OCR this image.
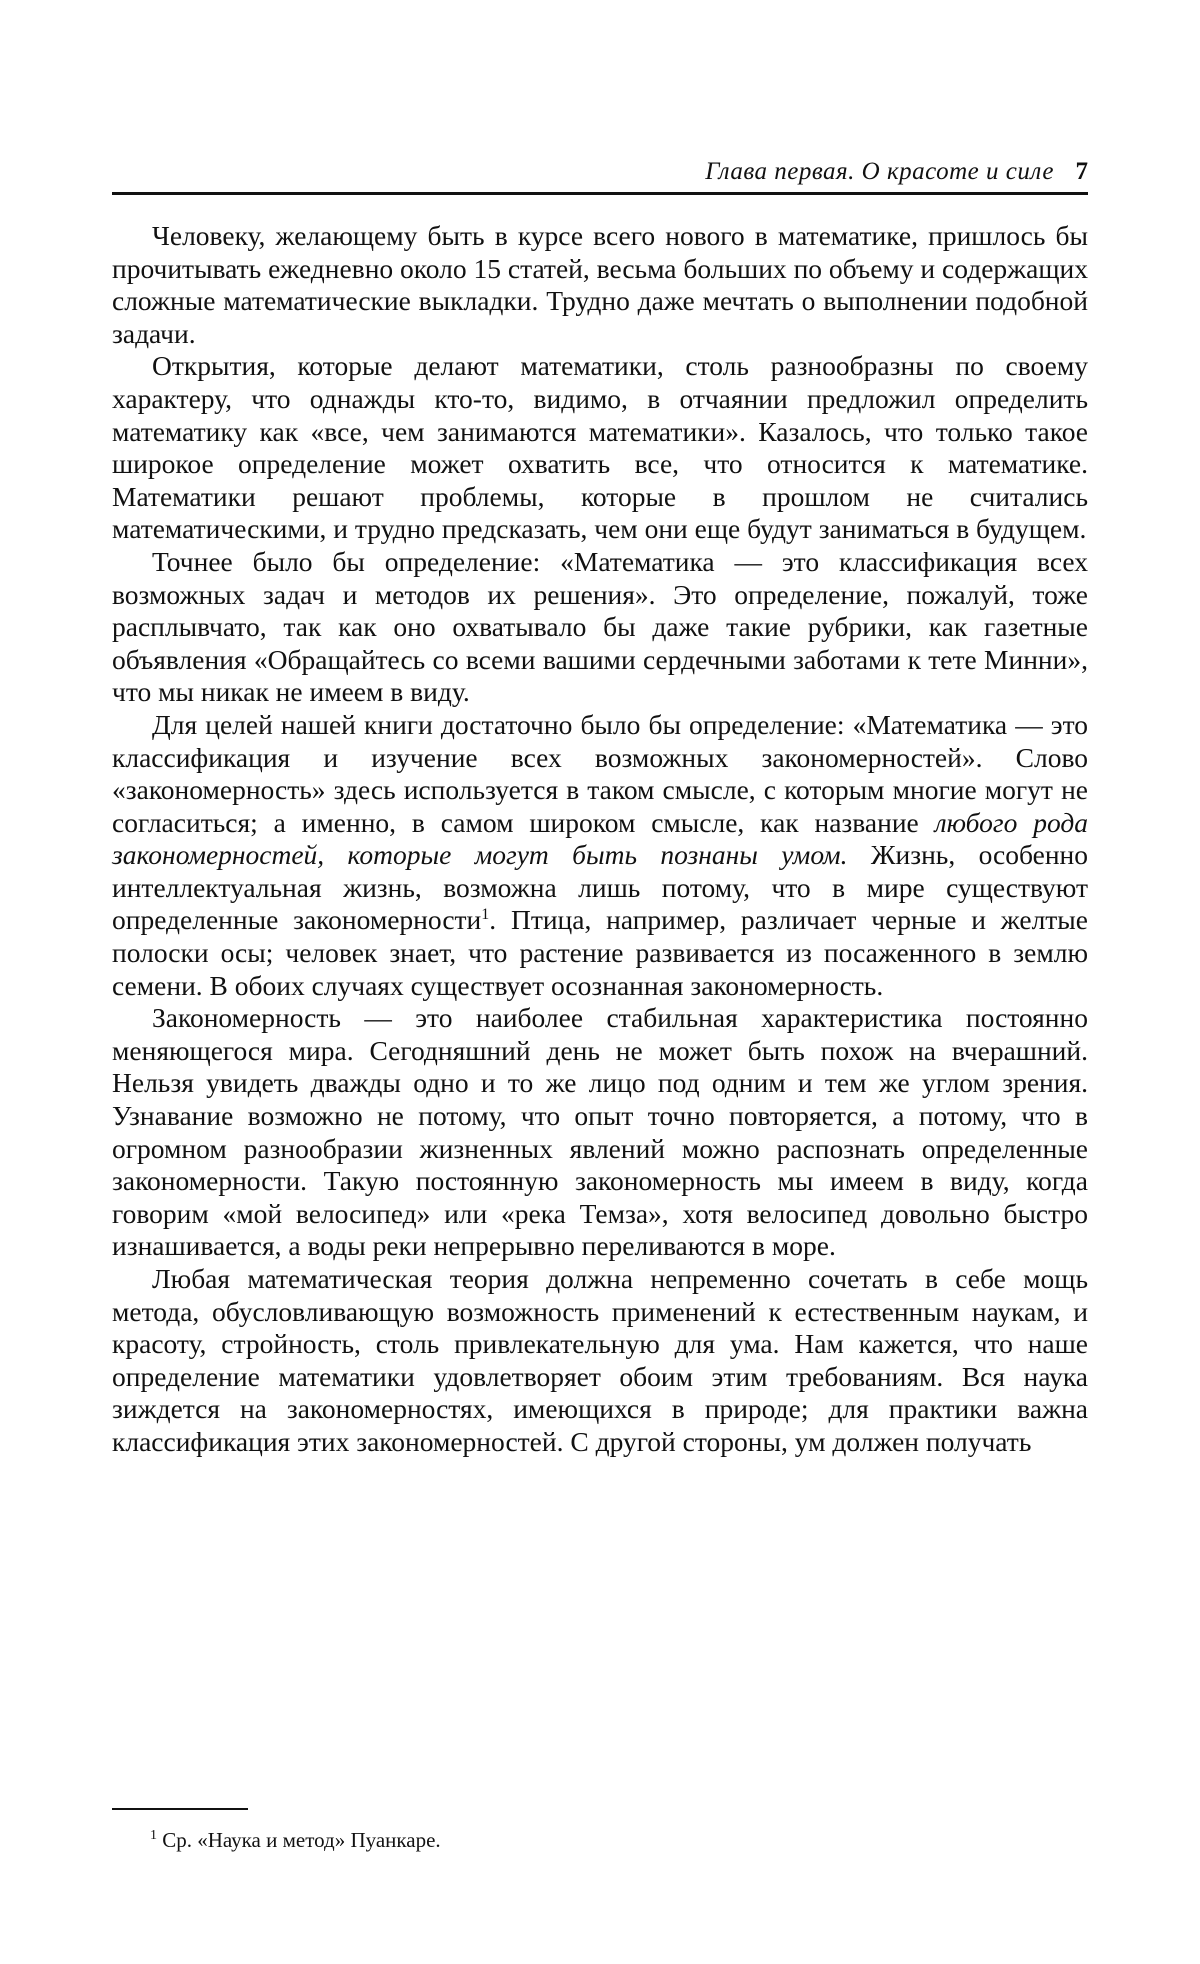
Глава первая. О красоте и силе 7

Человеку, желающему быть в курсе всего нового в математике, пришлось бы прочитывать ежедневно около 15 статей, весьма больших по объему и содержащих сложные математические выкладки. Трудно даже мечтать о выполнении подобной задачи.

Открытия, которые делают математики, столь разнообразны по своему характеру, что однажды кто-то, видимо, в отчаянии предложил определить математику как «все, чем занимаются математики». Казалось, что только такое широкое определение может охватить все, что относится к математике. Математики решают проблемы, которые в прошлом не считались математическими, и трудно предсказать, чем они еще будут заниматься в будущем.

Точнее было бы определение: «Математика — это классификация всех возможных задач и методов их решения». Это определение, пожалуй, тоже расплывчато, так как оно охватывало бы даже такие рубрики, как газетные объявления «Обращайтесь со всеми вашими сердечными заботами к тете Минни», что мы никак не имеем в виду.

Для целей нашей книги достаточно было бы определение: «Математика — это классификация и изучение всех возможных закономерностей». Слово «закономерность» здесь используется в таком смысле, с которым многие могут не согласиться; а именно, в самом широком смысле, как название любого рода закономерностей, которые могут быть познаны умом. Жизнь, особенно интеллектуальная жизнь, возможна лишь потому, что в мире существуют определенные закономерности$^1$. Птица, например, различает черные и желтые полоски осы; человек знает, что растение развивается из посаженного в землю семени. В обоих случаях существует осознанная закономерность.

Закономерность — это наиболее стабильная характеристика постоянно меняющегося мира. Сегодняшний день не может быть похож на вчерашний. Нельзя увидеть дважды одно и то же лицо под одним и тем же углом зрения. Узнавание возможно не потому, что опыт точно повторяется, а потому, что в огромном разнообразии жизненных явлений можно распознать определенные закономерности. Такую постоянную закономерность мы имеем в виду, когда говорим «мой велосипед» или «река Темза», хотя велосипед довольно быстро изнашивается, а воды реки непрерывно переливаются в море.

Любая математическая теория должна непременно сочетать в себе мощь метода, обусловливающую возможность применений к естественным наукам, и красоту, стройность, столь привлекательную для ума. Нам кажется, что наше определение математики удовлетворяет обоим этим требованиям. Вся наука зиждется на закономерностях, имеющихся в природе; для практики важна классификация этих закономерностей. С другой стороны, ум должен получать

$^1$ Ср. «Наука и метод» Пуанкаре.
